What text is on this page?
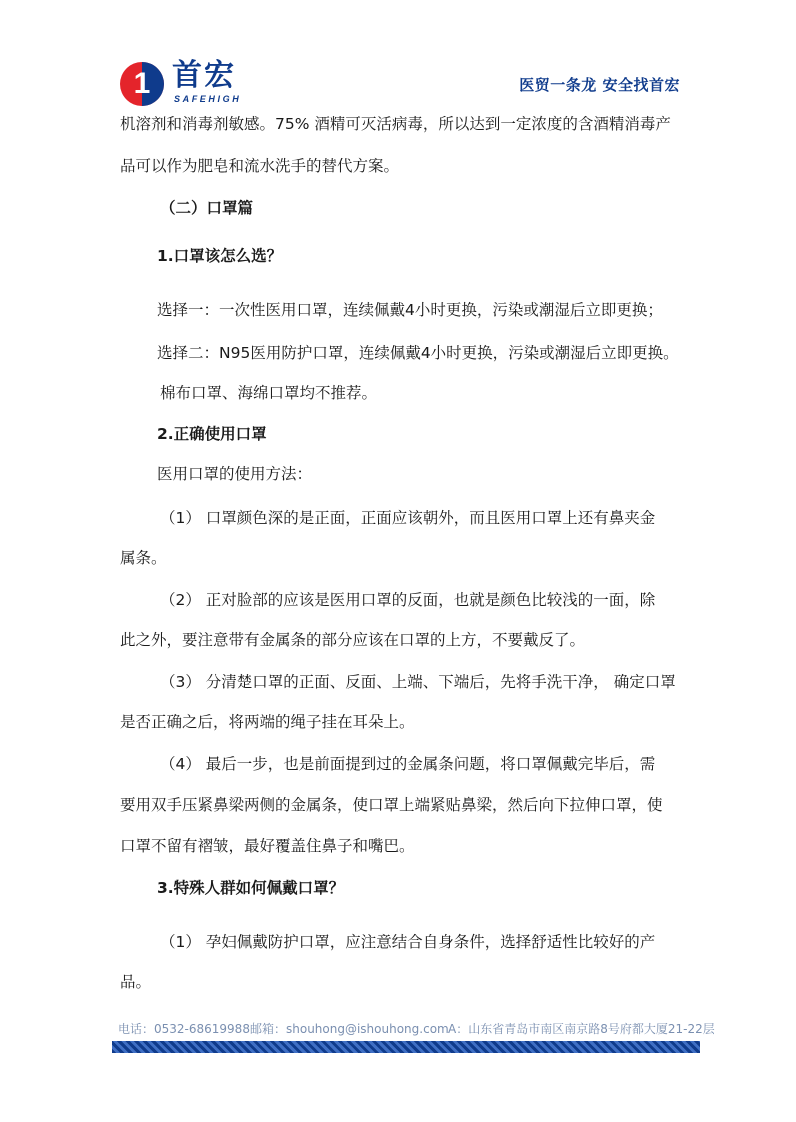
1 首宏
SAFEHIGH
医贸一条龙 安全找首宏
机溶剂和消毒剂敏感。75% 酒精可灭活病毒，所以达到一定浓度的含酒精消毒产
品可以作为肥皂和流水洗手的替代方案。
（二）口罩篇
1.口罩该怎么选？
选择一：一次性医用口罩，连续佩戴4小时更换，污染或潮湿后立即更换；
选择二：N95医用防护口罩，连续佩戴4小时更换，污染或潮湿后立即更换。
棉布口罩、海绵口罩均不推荐。
2.正确使用口罩
医用口罩的使用方法：
（1） 口罩颜色深的是正面，正面应该朝外，而且医用口罩上还有鼻夹金
属条。
（2） 正对脸部的应该是医用口罩的反面，也就是颜色比较浅的一面，除
此之外，要注意带有金属条的部分应该在口罩的上方，不要戴反了。
（3） 分清楚口罩的正面、反面、上端、下端后，先将手洗干净， 确定口罩
是否正确之后，将两端的绳子挂在耳朵上。
（4） 最后一步，也是前面提到过的金属条问题，将口罩佩戴完毕后，需
要用双手压紧鼻梁两侧的金属条，使口罩上端紧贴鼻梁，然后向下拉伸口罩，使
口罩不留有褶皱，最好覆盖住鼻子和嘴巴。
3.特殊人群如何佩戴口罩？
（1） 孕妇佩戴防护口罩，应注意结合自身条件，选择舒适性比较好的产
品。
电话：0532-68619988 邮箱：shouhong@ishouhong.com A：山东省青岛市南区南京路8号府都大厦21-22层
